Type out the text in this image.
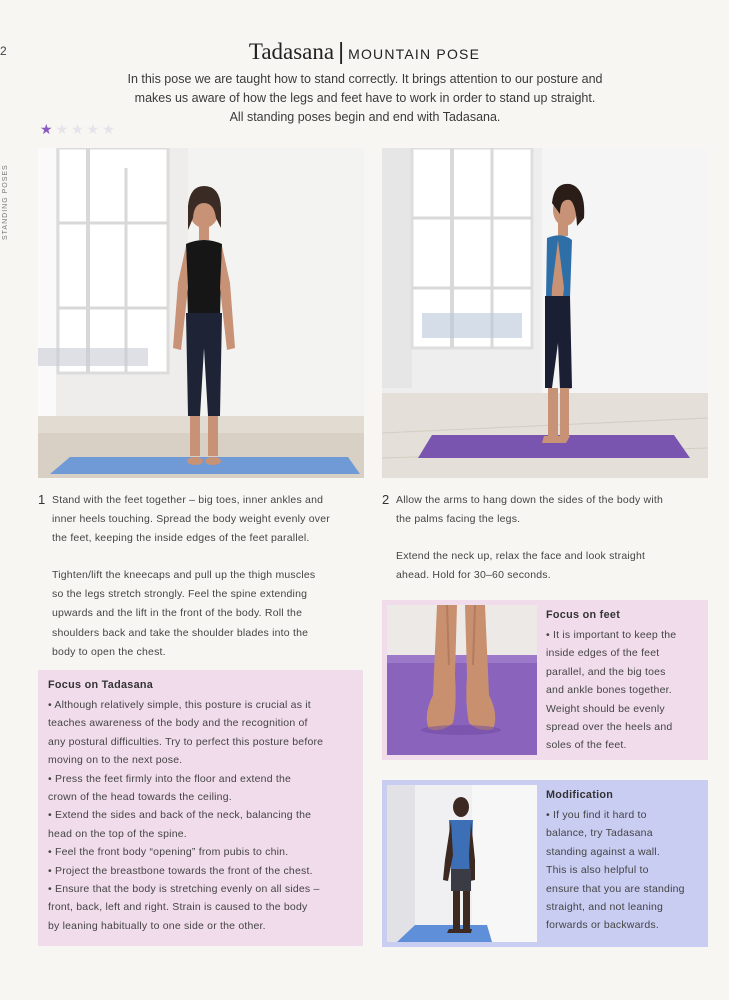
2
STANDING POSES
Tadasana | MOUNTAIN POSE
In this pose we are taught how to stand correctly. It brings attention to our posture and
makes us aware of how the legs and feet have to work in order to stand up straight.
All standing poses begin and end with Tadasana.
★★★★★
1 Stand with the feet together – big toes, inner ankles and
inner heels touching. Spread the body weight evenly over
the feet, keeping the inside edges of the feet parallel.
Tighten/lift the kneecaps and pull up the thigh muscles
so the legs stretch strongly. Feel the spine extending
upwards and the lift in the front of the body. Roll the
shoulders back and take the shoulder blades into the
body to open the chest.
2 Allow the arms to hang down the sides of the body with
the palms facing the legs.
Extend the neck up, relax the face and look straight
ahead. Hold for 30–60 seconds.
Focus on Tadasana

• Although relatively simple, this posture is crucial as it
teaches awareness of the body and the recognition of
any postural difficulties. Try to perfect this posture before
moving on to the next pose.
• Press the feet firmly into the floor and extend the
crown of the head towards the ceiling.
• Extend the sides and back of the neck, balancing the
head on the top of the spine.
• Feel the front body “opening” from pubis to chin.
• Project the breastbone towards the front of the chest.
• Ensure that the body is stretching evenly on all sides –
front, back, left and right. Strain is caused to the body
by leaning habitually to one side or the other.

Focus on feet

• It is important to keep the
inside edges of the feet
parallel, and the big toes
and ankle bones together.
Weight should be evenly
spread over the heels and
soles of the feet.

Modification

• If you find it hard to
balance, try Tadasana
standing against a wall.
This is also helpful to
ensure that you are standing
straight, and not leaning
forwards or backwards.
